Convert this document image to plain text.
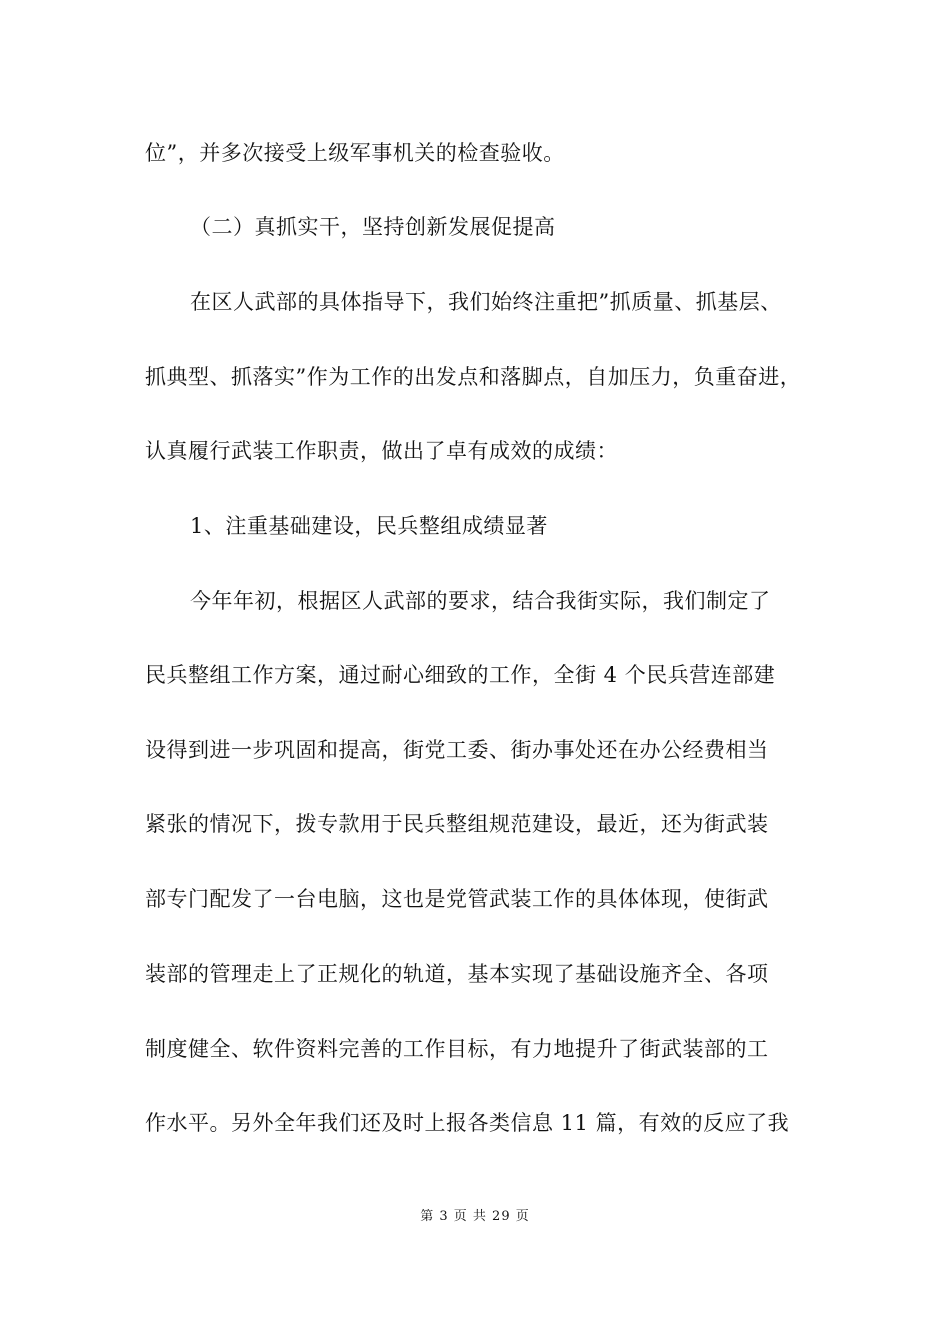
位”，并多次接受上级军事机关的检查验收。
（二）真抓实干，坚持创新发展促提高
在区人武部的具体指导下，我们始终注重把”抓质量、抓基层、
抓典型、抓落实”作为工作的出发点和落脚点，自加压力，负重奋进，
认真履行武装工作职责，做出了卓有成效的成绩：
1、注重基础建设，民兵整组成绩显著
今年年初，根据区人武部的要求，结合我街实际，我们制定了
民兵整组工作方案，通过耐心细致的工作，全街 4 个民兵营连部建
设得到进一步巩固和提高，街党工委、街办事处还在办公经费相当
紧张的情况下，拨专款用于民兵整组规范建设，最近，还为街武装
部专门配发了一台电脑，这也是党管武装工作的具体体现，使街武
装部的管理走上了正规化的轨道，基本实现了基础设施齐全、各项
制度健全、软件资料完善的工作目标，有力地提升了街武装部的工
作水平。另外全年我们还及时上报各类信息 11 篇，有效的反应了我
第 3 页 共 29 页
